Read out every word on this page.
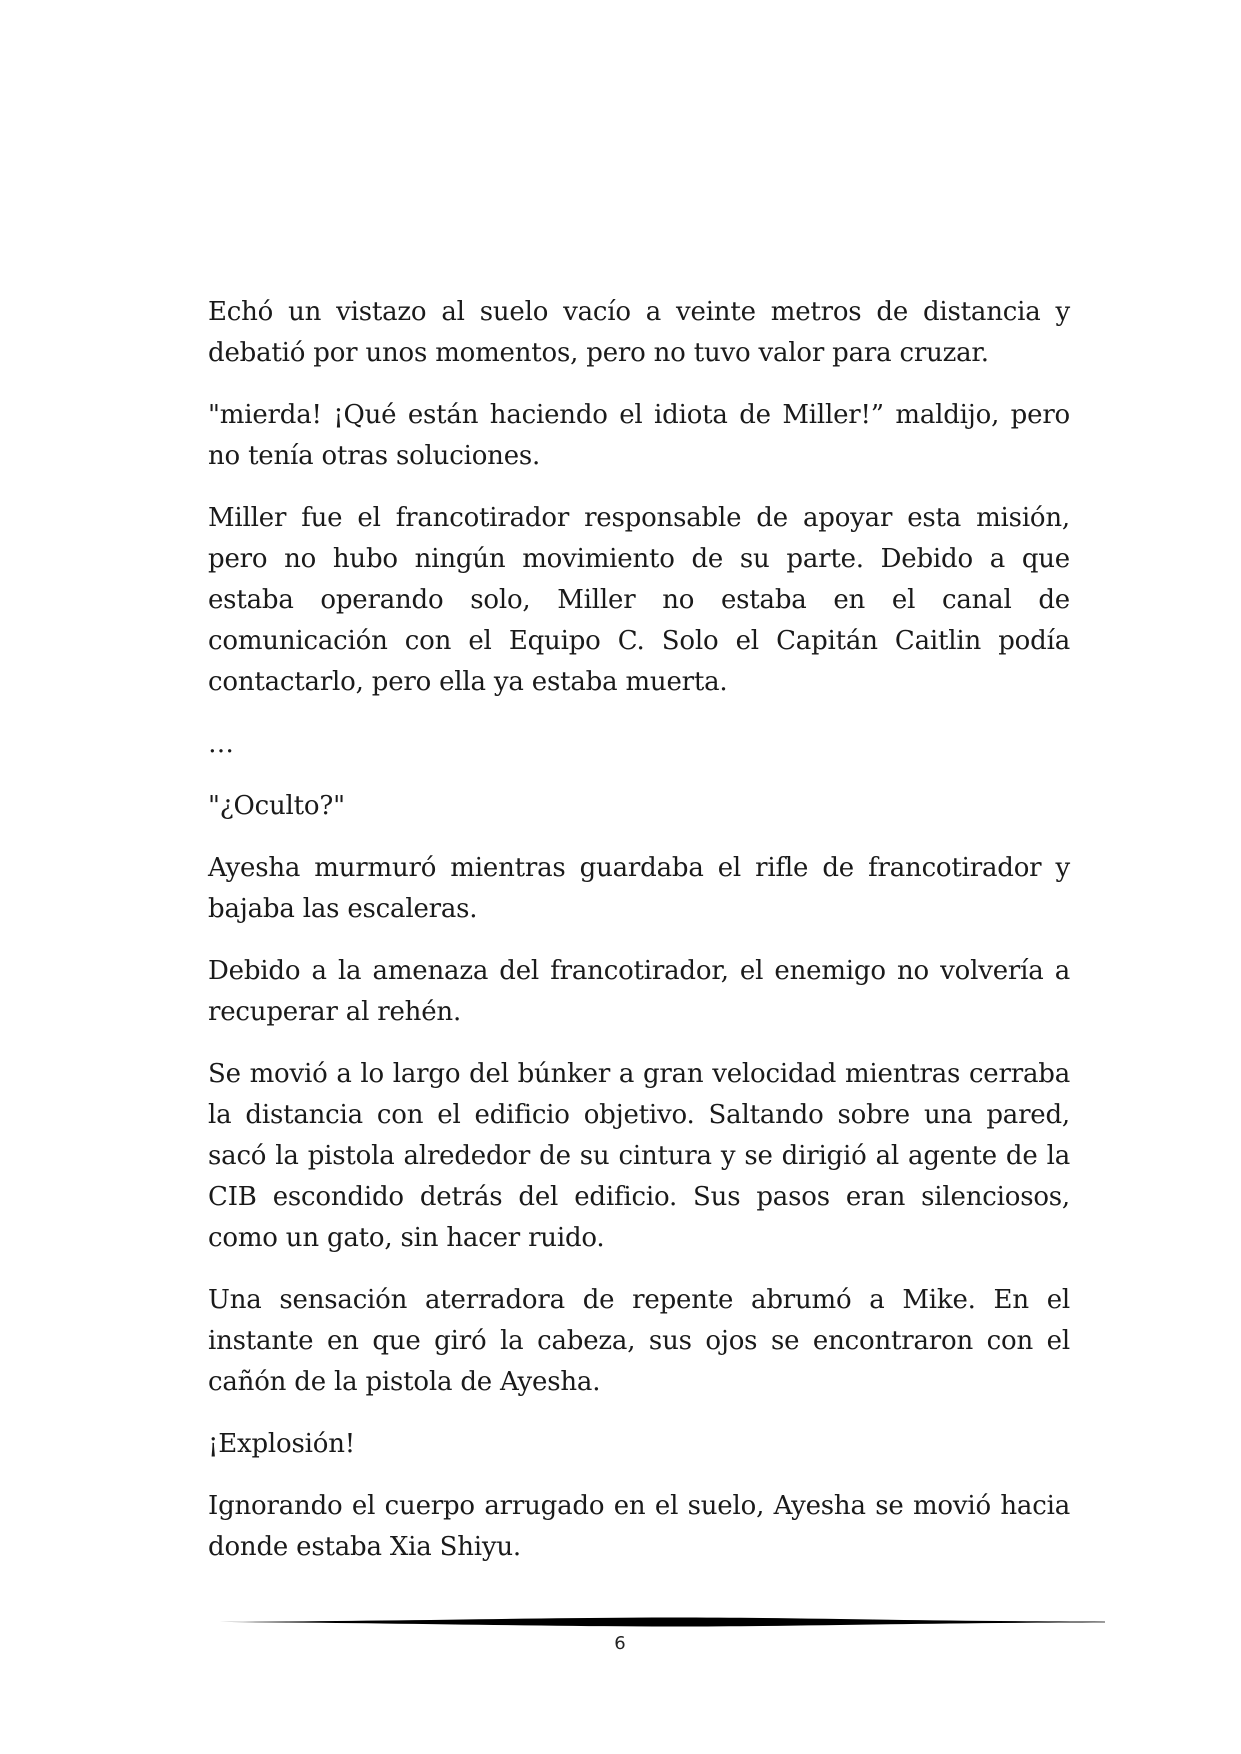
Echó un vistazo al suelo vacío a veinte metros de distancia y debatió por unos momentos, pero no tuvo valor para cruzar.

"mierda! ¡Qué están haciendo el idiota de Miller!” maldijo, pero no tenía otras soluciones.

Miller fue el francotirador responsable de apoyar esta misión, pero no hubo ningún movimiento de su parte. Debido a que estaba operando solo, Miller no estaba en el canal de comunicación con el Equipo C. Solo el Capitán Caitlin podía contactarlo, pero ella ya estaba muerta.

…

"¿Oculto?"

Ayesha murmuró mientras guardaba el rifle de francotirador y bajaba las escaleras.

Debido a la amenaza del francotirador, el enemigo no volvería a recuperar al rehén.

Se movió a lo largo del búnker a gran velocidad mientras cerraba la distancia con el edificio objetivo. Saltando sobre una pared, sacó la pistola alrededor de su cintura y se dirigió al agente de la CIB escondido detrás del edificio. Sus pasos eran silenciosos, como un gato, sin hacer ruido.

Una sensación aterradora de repente abrumó a Mike. En el instante en que giró la cabeza, sus ojos se encontraron con el cañón de la pistola de Ayesha.

¡Explosión!

Ignorando el cuerpo arrugado en el suelo, Ayesha se movió hacia donde estaba Xia Shiyu.

6
